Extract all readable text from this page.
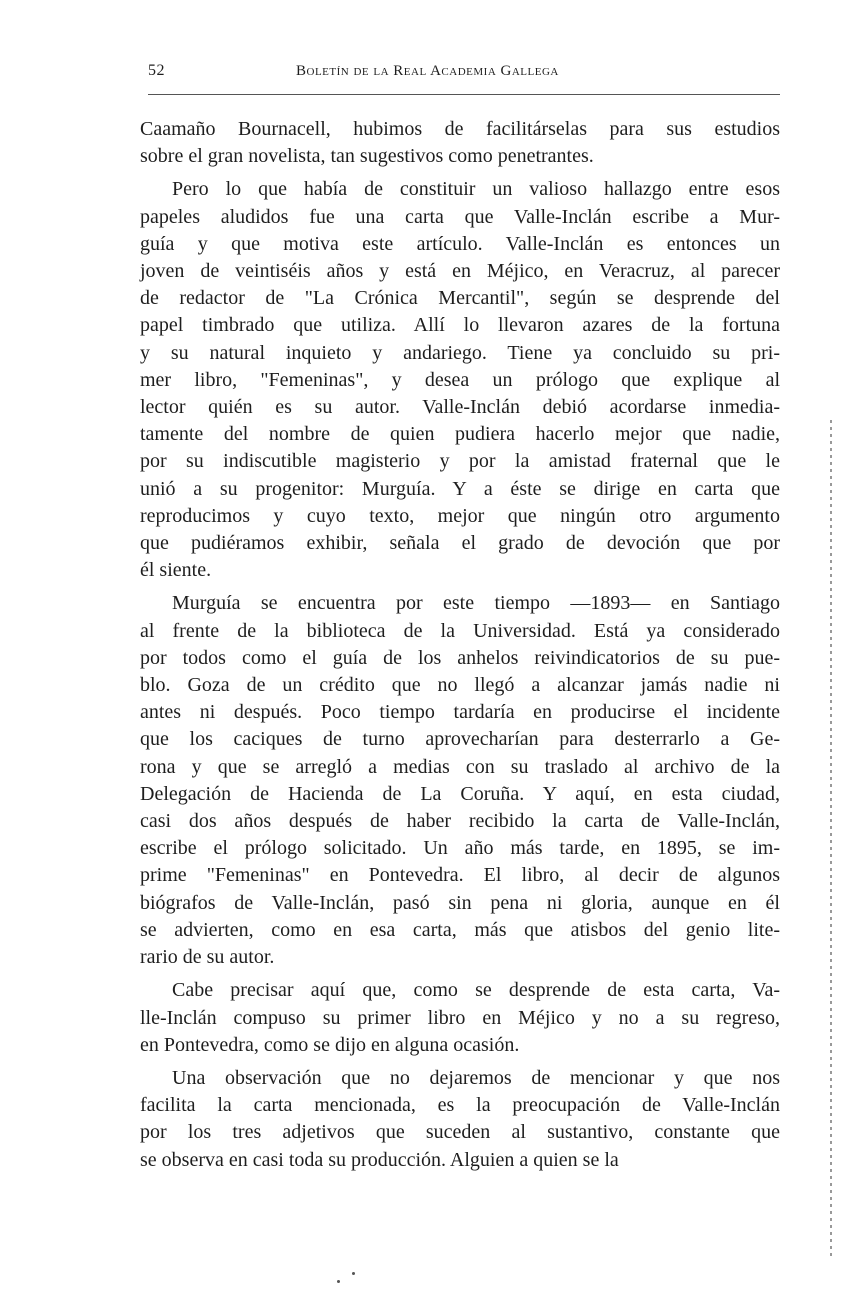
52	Boletín de la Real Academia Gallega
Caamaño Bournacell, hubimos de facilitárselas para sus estudios
sobre el gran novelista, tan sugestivos como penetrantes.
Pero lo que había de constituir un valioso hallazgo entre esos
papeles aludidos fue una carta que Valle-Inclán escribe a Mur-
guía y que motiva este artículo. Valle-Inclán es entonces un
joven de veintiséis años y está en Méjico, en Veracruz, al parecer
de redactor de "La Crónica Mercantil", según se desprende del
papel timbrado que utiliza. Allí lo llevaron azares de la fortuna
y su natural inquieto y andariego. Tiene ya concluido su pri-
mer libro, "Femeninas", y desea un prólogo que explique al
lector quién es su autor. Valle-Inclán debió acordarse inmedia-
tamente del nombre de quien pudiera hacerlo mejor que nadie,
por su indiscutible magisterio y por la amistad fraternal que le
unió a su progenitor: Murguía. Y a éste se dirige en carta que
reproducimos y cuyo texto, mejor que ningún otro argumento
que pudiéramos exhibir, señala el grado de devoción que por
él siente.
Murguía se encuentra por este tiempo —1893— en Santiago
al frente de la biblioteca de la Universidad. Está ya considerado
por todos como el guía de los anhelos reivindicatorios de su pue-
blo. Goza de un crédito que no llegó a alcanzar jamás nadie ni
antes ni después. Poco tiempo tardaría en producirse el incidente
que los caciques de turno aprovecharían para desterrarlo a Ge-
rona y que se arregló a medias con su traslado al archivo de la
Delegación de Hacienda de La Coruña. Y aquí, en esta ciudad,
casi dos años después de haber recibido la carta de Valle-Inclán,
escribe el prólogo solicitado. Un año más tarde, en 1895, se im-
prime "Femeninas" en Pontevedra. El libro, al decir de algunos
biógrafos de Valle-Inclán, pasó sin pena ni gloria, aunque en él
se advierten, como en esa carta, más que atisbos del genio lite-
rario de su autor.
Cabe precisar aquí que, como se desprende de esta carta, Va-
lle-Inclán compuso su primer libro en Méjico y no a su regreso,
en Pontevedra, como se dijo en alguna ocasión.
Una observación que no dejaremos de mencionar y que nos
facilita la carta mencionada, es la preocupación de Valle-Inclán
por los tres adjetivos que suceden al sustantivo, constante que
se observa en casi toda su producción. Alguien a quien se la
